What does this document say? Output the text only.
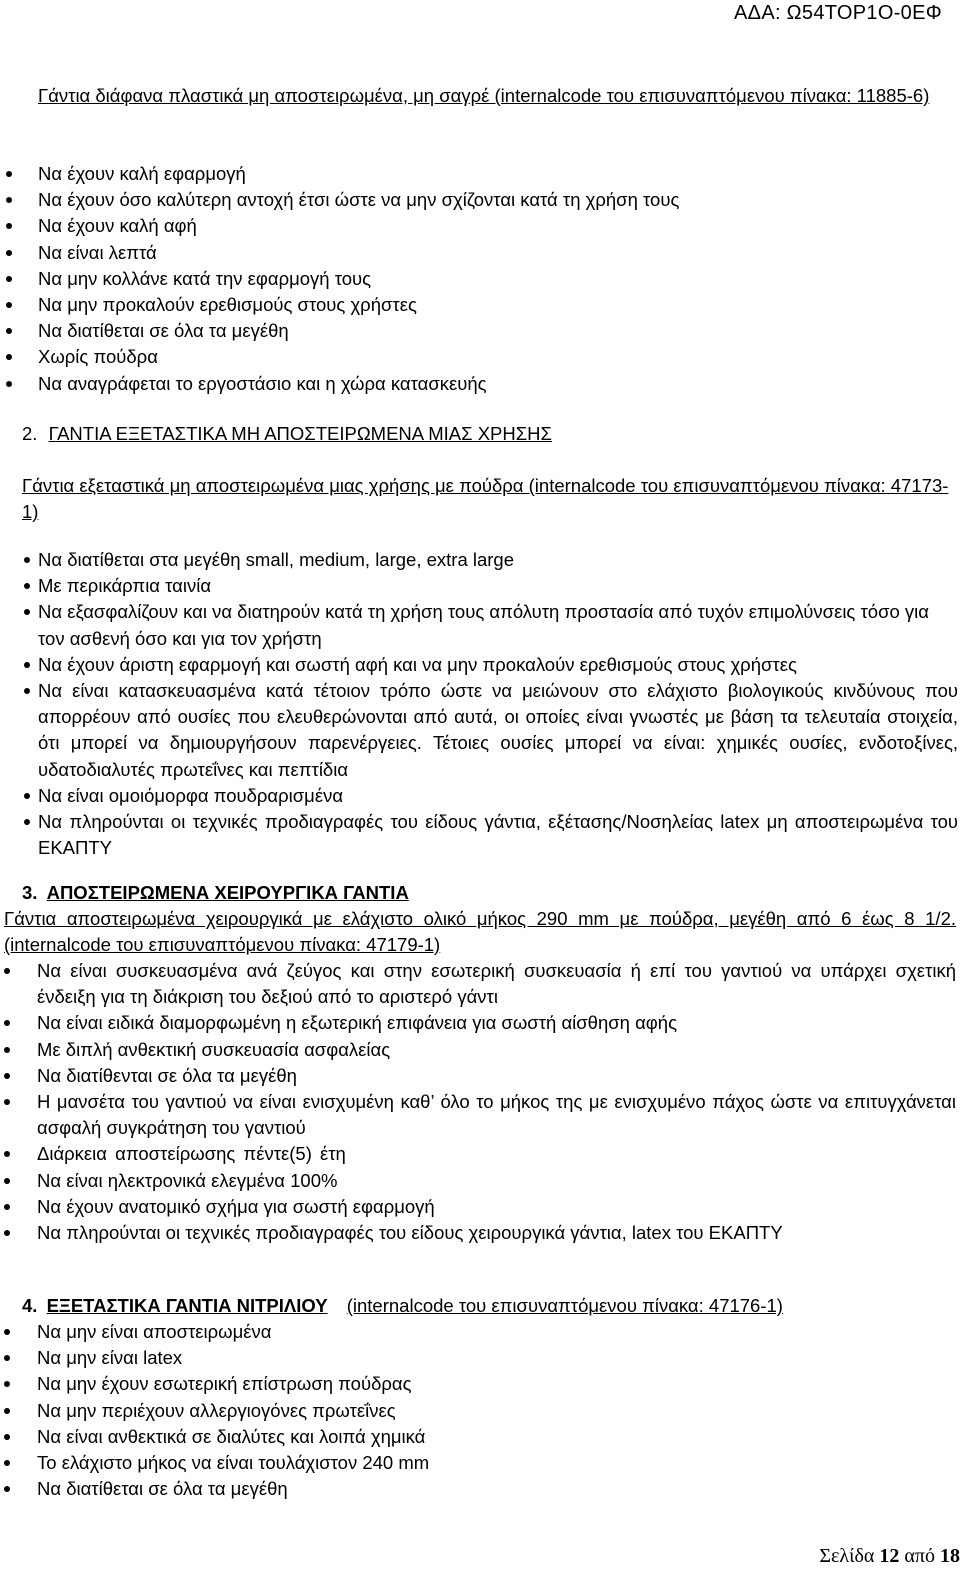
ΑΔΑ: Ω54ΤΟΡ1Ο-0ΕΦ
Γάντια διάφανα πλαστικά μη αποστειρωμένα, μη σαγρέ (internalcode του επισυναπτόμενου πίνακα: 11885-6)
Να έχουν καλή εφαρμογή
Να έχουν όσο καλύτερη αντοχή έτσι ώστε να μην σχίζονται κατά τη χρήση τους
Να έχουν καλή αφή
Να είναι λεπτά
Να μην κολλάνε κατά την εφαρμογή τους
Να μην προκαλούν ερεθισμούς στους χρήστες
Να διατίθεται σε όλα τα μεγέθη
Χωρίς πούδρα
Να αναγράφεται το εργοστάσιο και η χώρα κατασκευής
2. ΓΑΝΤΙΑ ΕΞΕΤΑΣΤΙΚΑ ΜΗ ΑΠΟΣΤΕΙΡΩΜΕΝΑ ΜΙΑΣ ΧΡΗΣΗΣ
Γάντια εξεταστικά μη αποστειρωμένα μιας χρήσης με πούδρα (internalcode του επισυναπτόμενου πίνακα: 47173-1)
Να διατίθεται στα μεγέθη small, medium, large, extra large
Με περικάρπια ταινία
Να εξασφαλίζουν και να διατηρούν κατά τη χρήση τους απόλυτη προστασία από τυχόν επιμολύνσεις τόσο για τον ασθενή όσο και για τον χρήστη
Να έχουν άριστη εφαρμογή και σωστή αφή και να μην προκαλούν ερεθισμούς στους χρήστες
Να είναι κατασκευασμένα κατά τέτοιον τρόπο ώστε να μειώνουν στο ελάχιστο βιολογικούς κινδύνους που απορρέουν από ουσίες που ελευθερώνονται από αυτά, οι οποίες είναι γνωστές με βάση τα τελευταία στοιχεία, ότι μπορεί να δημιουργήσουν παρενέργειες. Τέτοιες ουσίες μπορεί να είναι: χημικές ουσίες, ενδοτοξίνες, υδατοδιαλυτές πρωτεΐνες και πεπτίδια
Να είναι ομοιόμορφα πουδραρισμένα
Να πληρούνται οι τεχνικές προδιαγραφές του είδους γάντια, εξέτασης/Νοσηλείας latex μη αποστειρωμένα του ΕΚΑΠΤΥ
3. ΑΠΟΣΤΕΙΡΩΜΕΝΑ ΧΕΙΡΟΥΡΓΙΚΑ ΓΑΝΤΙΑ
Γάντια αποστειρωμένα χειρουργικά με ελάχιστο ολικό μήκος 290 mm με πούδρα, μεγέθη από 6 έως 8 1/2. (internalcode του επισυναπτόμενου πίνακα: 47179-1)
Να είναι συσκευασμένα ανά ζεύγος και στην εσωτερική συσκευασία ή επί του γαντιού να υπάρχει σχετική ένδειξη για τη διάκριση του δεξιού από το αριστερό γάντι
Να είναι ειδικά διαμορφωμένη η εξωτερική επιφάνεια για σωστή αίσθηση αφής
Με διπλή ανθεκτική συσκευασία ασφαλείας
Να διατίθενται σε όλα τα μεγέθη
Η μανσέτα του γαντιού να είναι ενισχυμένη καθ’ όλο το μήκος της με ενισχυμένο πάχος ώστε να επιτυγχάνεται ασφαλή συγκράτηση του γαντιού
Διάρκεια αποστείρωσης πέντε(5) έτη
Να είναι ηλεκτρονικά ελεγμένα 100%
Να έχουν ανατομικό σχήμα για σωστή εφαρμογή
Να πληρούνται οι τεχνικές προδιαγραφές του είδους χειρουργικά γάντια, latex του ΕΚΑΠΤΥ
4. ΕΞΕΤΑΣΤΙΚΑ ΓΑΝΤΙΑ ΝΙΤΡΙΛΙΟΥ (internalcode του επισυναπτόμενου πίνακα: 47176-1)
Να μην είναι αποστειρωμένα
Να μην είναι latex
Να μην έχουν εσωτερική επίστρωση πούδρας
Να μην περιέχουν αλλεργιογόνες πρωτεΐνες
Να είναι ανθεκτικά σε διαλύτες και λοιπά χημικά
Το ελάχιστο μήκος να είναι τουλάχιστον 240 mm
Να διατίθεται σε όλα τα μεγέθη
Σελίδα 12 από 18
